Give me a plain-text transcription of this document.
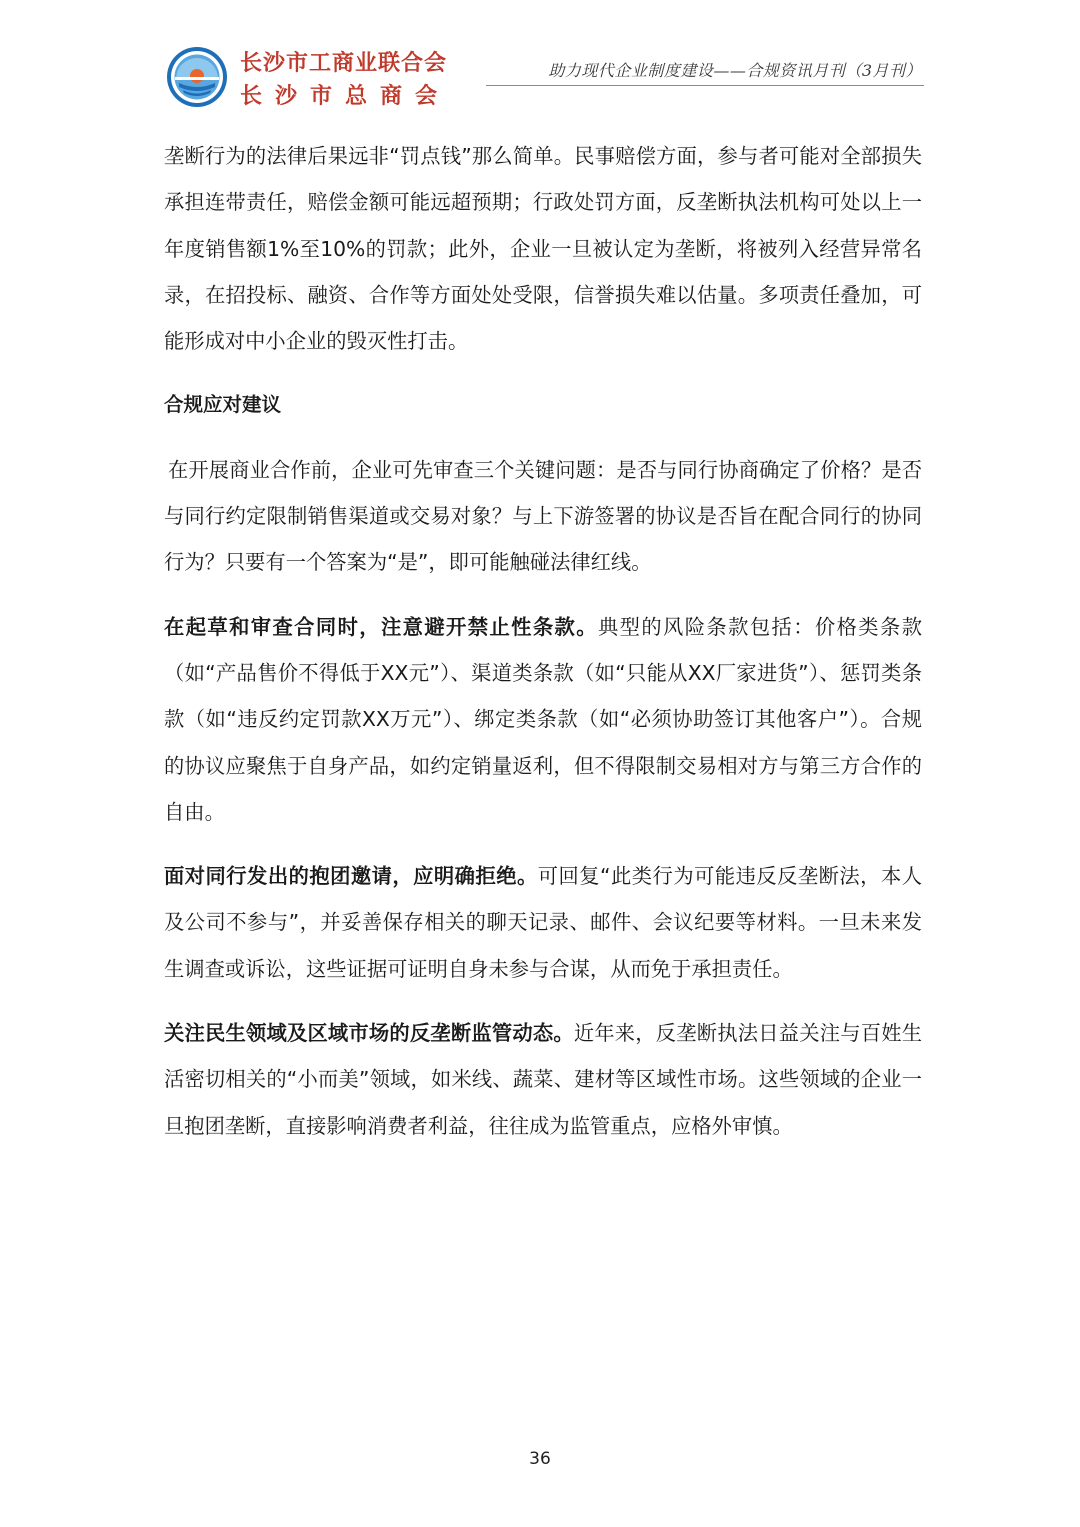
长沙市工商业联合会
长沙市总商会
助力现代企业制度建设——合规资讯月刊（3月刊）

垄断行为的法律后果远非“罚点钱”那么简单。民事赔偿方面，参与者可能对全部损失承担连带责任，赔偿金额可能远超预期；行政处罚方面，反垄断执法机构可处以上一年度销售额1%至10%的罚款；此外，企业一旦被认定为垄断，将被列入经营异常名录，在招投标、融资、合作等方面处处受限，信誉损失难以估量。多项责任叠加，可能形成对中小企业的毁灭性打击。

合规应对建议

在开展商业合作前，企业可先审查三个关键问题：是否与同行协商确定了价格？是否与同行约定限制销售渠道或交易对象？与上下游签署的协议是否旨在配合同行的协同行为？只要有一个答案为“是”，即可能触碰法律红线。

在起草和审查合同时，注意避开禁止性条款。典型的风险条款包括：价格类条款（如“产品售价不得低于XX元”）、渠道类条款（如“只能从XX厂家进货”）、惩罚类条款（如“违反约定罚款XX万元”）、绑定类条款（如“必须协助签订其他客户”）。合规的协议应聚焦于自身产品，如约定销量返利，但不得限制交易相对方与第三方合作的自由。

面对同行发出的抱团邀请，应明确拒绝。可回复“此类行为可能违反反垄断法，本人及公司不参与”，并妥善保存相关的聊天记录、邮件、会议纪要等材料。一旦未来发生调查或诉讼，这些证据可证明自身未参与合谋，从而免于承担责任。

关注民生领域及区域市场的反垄断监管动态。近年来，反垄断执法日益关注与百姓生活密切相关的“小而美”领域，如米线、蔬菜、建材等区域性市场。这些领域的企业一旦抱团垄断，直接影响消费者利益，往往成为监管重点，应格外审慎。

36
